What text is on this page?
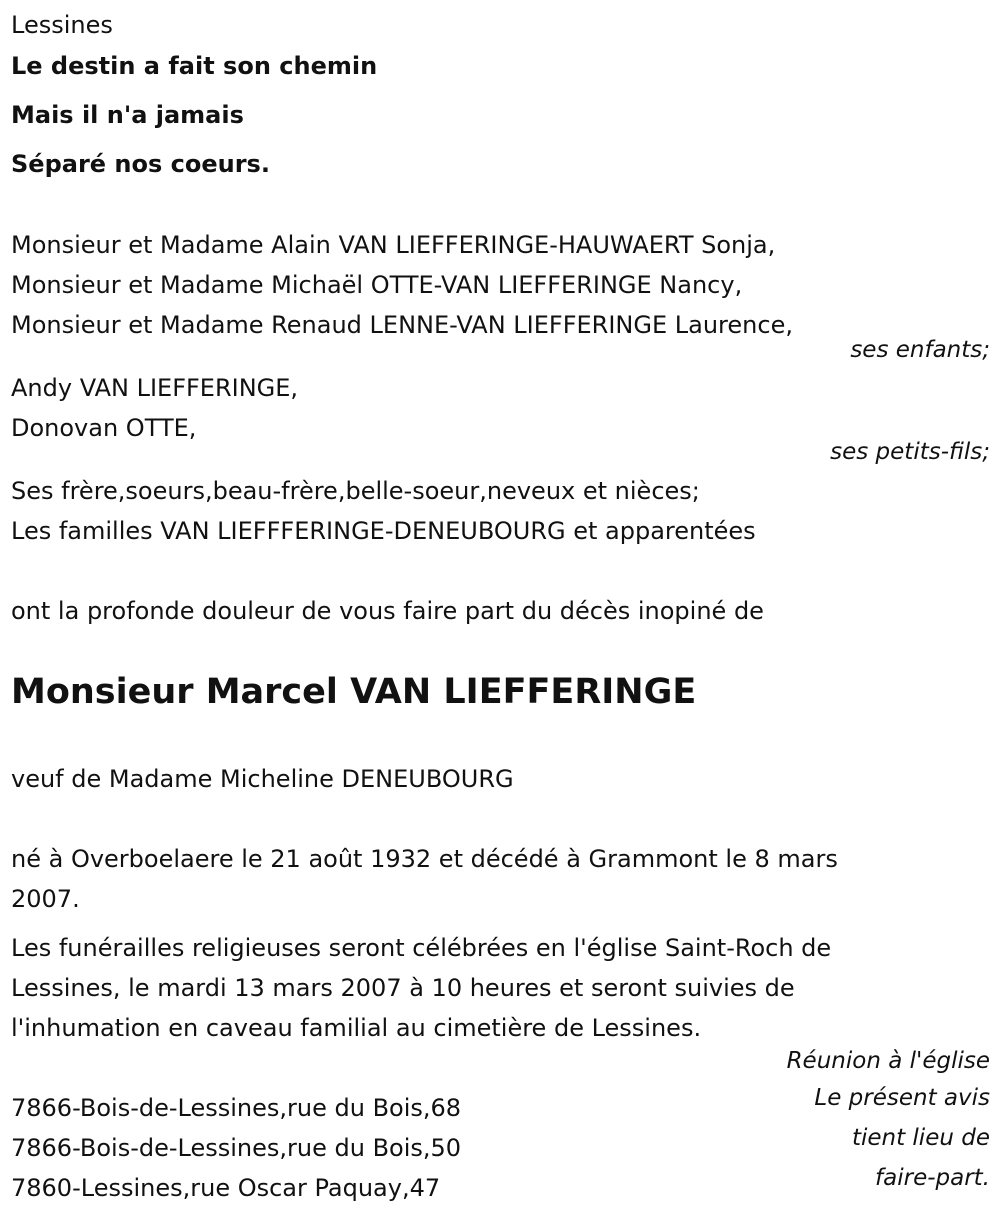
Lessines
Le destin a fait son chemin
Mais il n'a jamais
Séparé nos coeurs.
Monsieur et Madame Alain VAN LIEFFERINGE-HAUWAERT Sonja,
Monsieur et Madame Michaël OTTE-VAN LIEFFERINGE Nancy,
Monsieur et Madame Renaud LENNE-VAN LIEFFERINGE Laurence,
ses enfants;
Andy VAN LIEFFERINGE,
Donovan OTTE,
ses petits-fils;
Ses frère,soeurs,beau-frère,belle-soeur,neveux et nièces;
Les familles VAN LIEFFFERINGE-DENEUBOURG et apparentées
ont la profonde douleur de vous faire part du décès inopiné de
Monsieur Marcel VAN LIEFFERINGE
veuf de Madame Micheline DENEUBOURG
né à Overboelaere le 21 août 1932 et décédé à Grammont le 8 mars
2007.
Les funérailles religieuses seront célébrées en l'église Saint-Roch de
Lessines, le mardi 13 mars 2007 à 10 heures et seront suivies de
l'inhumation en caveau familial au cimetière de Lessines.
Réunion à l'église
Le présent avis
tient lieu de
faire-part.
7866-Bois-de-Lessines,rue du Bois,68
7866-Bois-de-Lessines,rue du Bois,50
7860-Lessines,rue Oscar Paquay,47
